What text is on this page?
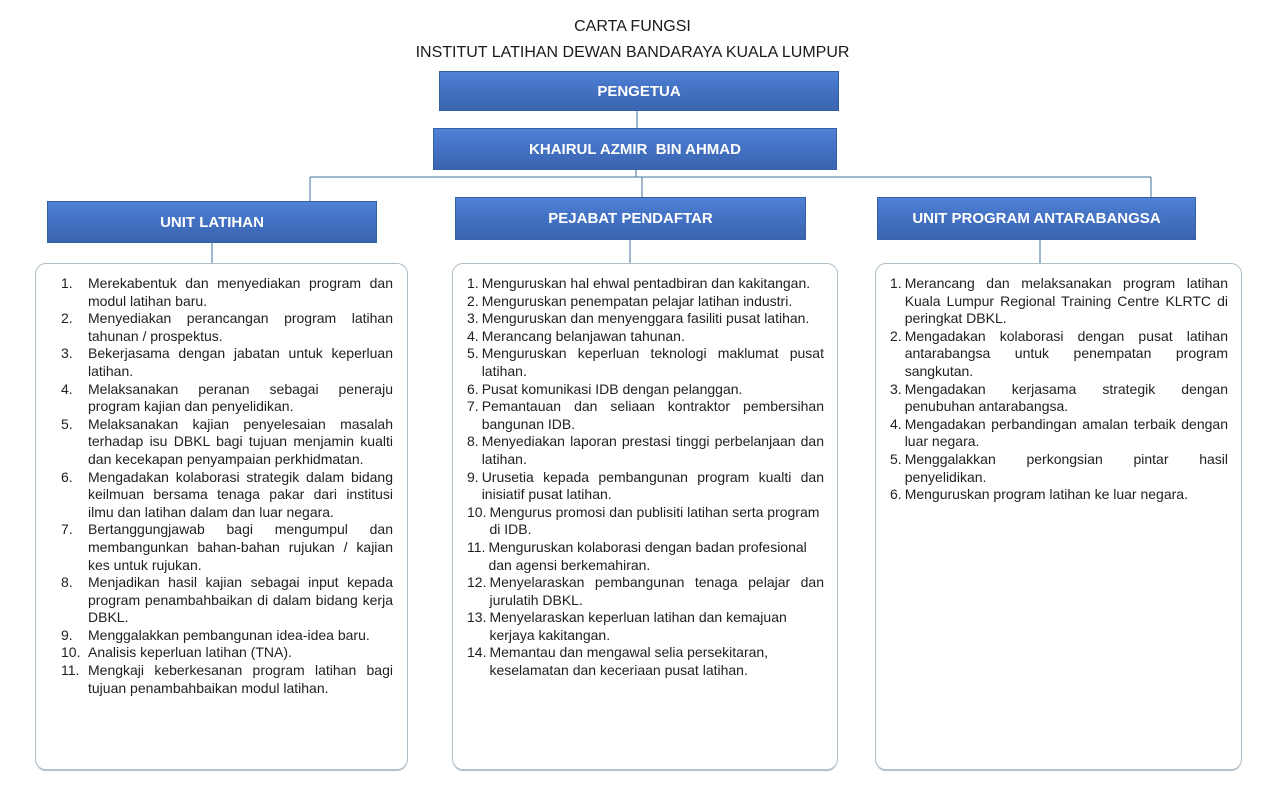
CARTA FUNGSI
INSTITUT LATIHAN DEWAN BANDARAYA KUALA LUMPUR
PENGETUA
KHAIRUL AZMIR  BIN AHMAD
UNIT LATIHAN	PEJABAT PENDAFTAR	UNIT PROGRAM ANTARABANGSA
1.	Merekabentuk dan menyediakan program dan modul latihan baru.
2.	Menyediakan perancangan program latihan tahunan / prospektus.
3.	Bekerjasama dengan jabatan untuk keperluan latihan.
4.	Melaksanakan peranan sebagai peneraju program kajian dan penyelidikan.
5.	Melaksanakan kajian penyelesaian masalah terhadap isu DBKL bagi tujuan menjamin kualti dan kecekapan penyampaian perkhidmatan.
6.	Mengadakan kolaborasi strategik dalam bidang keilmuan bersama tenaga pakar dari institusi ilmu dan latihan dalam dan luar negara.
7.	Bertanggungjawab bagi mengumpul dan membangunkan bahan-bahan rujukan / kajian kes untuk rujukan.
8.	Menjadikan hasil kajian sebagai input kepada program penambahbaikan di dalam bidang kerja DBKL.
9.	Menggalakkan pembangunan idea-idea baru.
10. Analisis keperluan latihan (TNA).
11. Mengkaji keberkesanan program latihan bagi tujuan penambahbaikan modul latihan.
1. Menguruskan hal ehwal pentadbiran dan kakitangan.
2. Menguruskan penempatan pelajar latihan industri.
3. Menguruskan dan menyenggara fasiliti pusat latihan.
4. Merancang belanjawan tahunan.
5. Menguruskan keperluan teknologi maklumat pusat latihan.
6. Pusat komunikasi IDB dengan pelanggan.
7. Pemantauan dan seliaan kontraktor pembersihan bangunan IDB.
8. Menyediakan laporan prestasi tinggi perbelanjaan dan latihan.
9. Urusetia kepada pembangunan program kualti dan inisiatif pusat latihan.
10. Mengurus promosi dan publisiti latihan serta program di IDB.
11. Menguruskan kolaborasi dengan badan profesional dan agensi berkemahiran.
12. Menyelaraskan pembangunan tenaga pelajar dan jurulatih DBKL.
13. Menyelaraskan keperluan latihan dan kemajuan kerjaya kakitangan.
14. Memantau dan mengawal selia persekitaran, keselamatan dan keceriaan pusat latihan.
1. Merancang dan melaksanakan program latihan Kuala Lumpur Regional Training Centre KLRTC di peringkat DBKL.
2. Mengadakan kolaborasi dengan pusat latihan antarabangsa untuk penempatan program sangkutan.
3. Mengadakan kerjasama strategik dengan penubuhan antarabangsa.
4. Mengadakan perbandingan amalan terbaik dengan luar negara.
5. Menggalakkan perkongsian pintar hasil penyelidikan.
6. Menguruskan program latihan ke luar negara.
